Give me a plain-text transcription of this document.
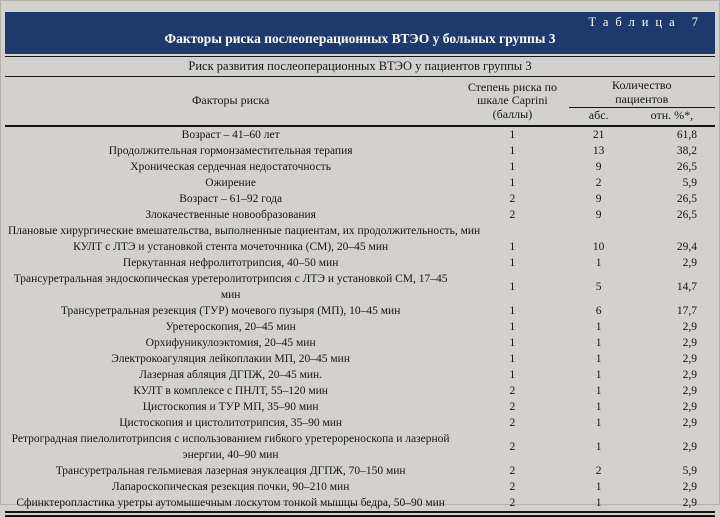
Таблица 7
Факторы риска послеоперационных ВТЭО у больных группы 3
Риск развития послеоперационных ВТЭО у пациентов группы 3
Факторы риска	Степень риска по шкале Caprini (баллы)	Количество пациентов	
		абс.	отн. %*,
Возраст – 41–60 лет	1	21	61,8
Продолжительная гормонзаместительная терапия	1	13	38,2
Хроническая сердечная недостаточность	1	9	26,5
Ожирение	1	2	5,9
Возраст – 61–92 года	2	9	26,5
Злокачественные новообразования	2	9	26,5
Плановые хирургические вмешательства, выполненные пациентам, их продолжительность, мин			
КУЛТ с ЛТЭ и установкой стента мочеточника (СМ), 20–45 мин	1	10	29,4
Перкутанная нефролитотрипсия, 40–50 мин	1	1	2,9
Трансуретральная эндоскопическая уретеролитотрипсия с ЛТЭ и установкой СМ, 17–45 мин	1	5	14,7
Трансуретральная резекция (ТУР) мочевого пузыря (МП), 10–45 мин	1	6	17,7
Уретероскопия, 20–45 мин	1	1	2,9
Орхифуникулоэктомия, 20–45 мин	1	1	2,9
Электрокоагуляция лейкоплакии МП, 20–45 мин	1	1	2,9
Лазерная абляция ДГПЖ, 20–45 мин.	1	1	2,9
КУЛТ в комплексе с ПНЛТ, 55–120 мин	2	1	2,9
Цистоскопия и ТУР МП, 35–90 мин	2	1	2,9
Цистоскопия и цистолитотрипсия, 35–90 мин	2	1	2,9
Ретроградная пиелолитотрипсия с использованием гибкого уретерореноскопа и лазерной энергии, 40–90 мин	2	1	2,9
Трансуретральная гельмиевая лазерная энуклеация ДГПЖ, 70–150 мин	2	2	5,9
Лапароскопическая резекция почки, 90–210 мин	2	1	2,9
Сфинктеропластика уретры аутомышечным лоскутом тонкой мышцы бедра, 50–90 мин	2	1	2,9
